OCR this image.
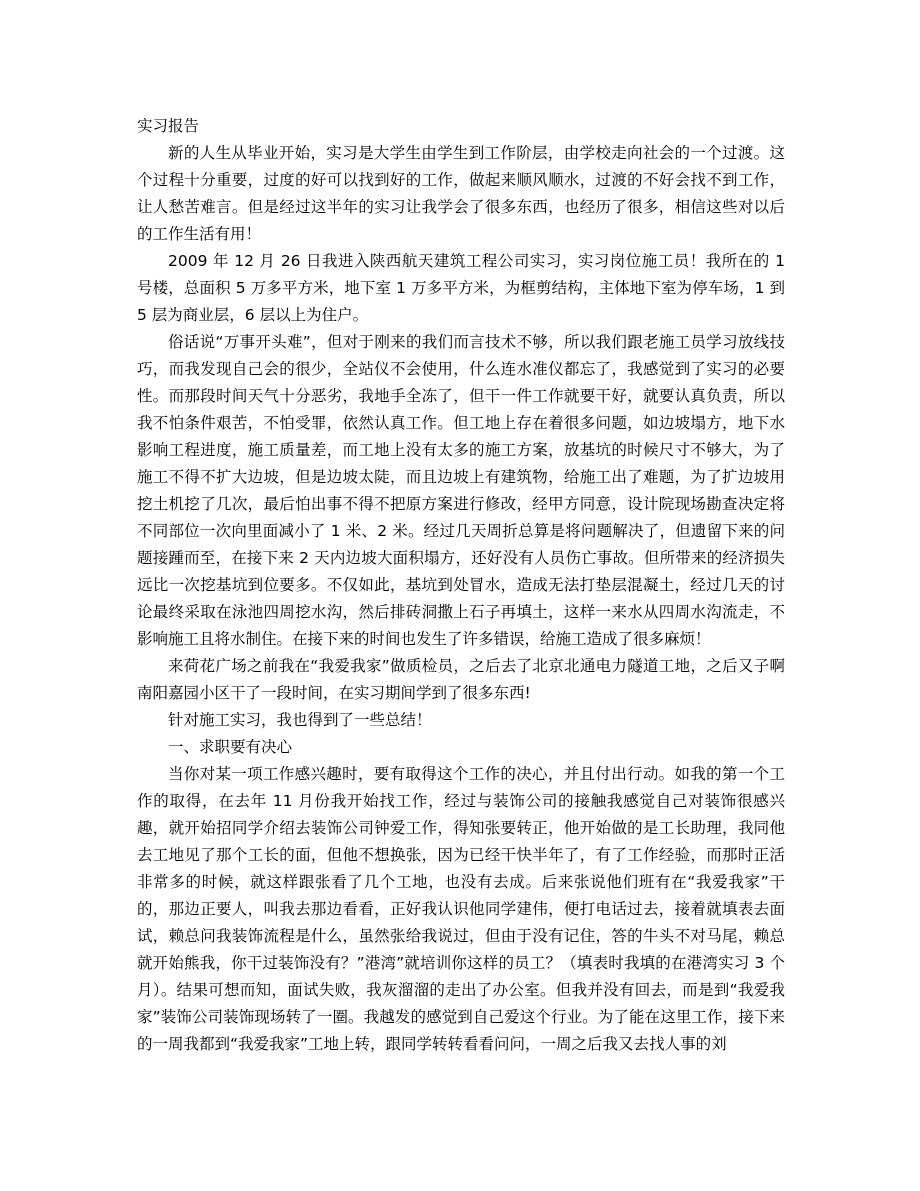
实习报告

新的人生从毕业开始，实习是大学生由学生到工作阶层，由学校走向社会的一个过渡。这个过程十分重要，过度的好可以找到好的工作，做起来顺风顺水，过渡的不好会找不到工作，让人愁苦难言。但是经过这半年的实习让我学会了很多东西，也经历了很多，相信这些对以后的工作生活有用！

2009 年 12 月 26 日我进入陕西航天建筑工程公司实习，实习岗位施工员！我所在的 1 号楼，总面积 5 万多平方米，地下室 1 万多平方米，为框剪结构，主体地下室为停车场，1 到 5 层为商业层，6 层以上为住户。

俗话说“万事开头难”，但对于刚来的我们而言技术不够，所以我们跟老施工员学习放线技巧，而我发现自己会的很少，全站仪不会使用，什么连水准仪都忘了，我感觉到了实习的必要性。而那段时间天气十分恶劣，我地手全冻了，但干一件工作就要干好，就要认真负责，所以我不怕条件艰苦，不怕受罪，依然认真工作。但工地上存在着很多问题，如边坡塌方，地下水影响工程进度，施工质量差，而工地上没有太多的施工方案，放基坑的时候尺寸不够大，为了施工不得不扩大边坡，但是边坡太陡，而且边坡上有建筑物，给施工出了难题，为了扩边坡用挖土机挖了几次，最后怕出事不得不把原方案进行修改，经甲方同意，设计院现场勘查决定将不同部位一次向里面减小了 1 米、2 米。经过几天周折总算是将问题解决了，但遗留下来的问题接踵而至，在接下来 2 天内边坡大面积塌方，还好没有人员伤亡事故。但所带来的经济损失远比一次挖基坑到位要多。不仅如此，基坑到处冒水，造成无法打垫层混凝土，经过几天的讨论最终采取在泳池四周挖水沟，然后排砖洞撒上石子再填土，这样一来水从四周水沟流走，不影响施工且将水制住。在接下来的时间也发生了许多错误，给施工造成了很多麻烦！

来荷花广场之前我在“我爱我家”做质检员，之后去了北京北通电力隧道工地，之后又子啊南阳嘉园小区干了一段时间，在实习期间学到了很多东西!

针对施工实习，我也得到了一些总结！

一、求职要有决心

当你对某一项工作感兴趣时，要有取得这个工作的决心，并且付出行动。如我的第一个工作的取得，在去年 11 月份我开始找工作，经过与装饰公司的接触我感觉自己对装饰很感兴趣，就开始招同学介绍去装饰公司钟爱工作，得知张要转正，他开始做的是工长助理，我同他去工地见了那个工长的面，但他不想换张，因为已经干快半年了，有了工作经验，而那时正活非常多的时候，就这样跟张看了几个工地，也没有去成。后来张说他们班有在“我爱我家”干的，那边正要人，叫我去那边看看，正好我认识他同学建伟，便打电话过去，接着就填表去面试，赖总问我装饰流程是什么，虽然张给我说过，但由于没有记住，答的牛头不对马尾，赖总就开始熊我，你干过装饰没有？”港湾”就培训你这样的员工？（填表时我填的在港湾实习 3 个月）。结果可想而知，面试失败，我灰溜溜的走出了办公室。但我并没有回去，而是到“我爱我家”装饰公司装饰现场转了一圈。我越发的感觉到自己爱这个行业。为了能在这里工作，接下来的一周我都到“我爱我家”工地上转，跟同学转转看看问问，一周之后我又去找人事的刘
